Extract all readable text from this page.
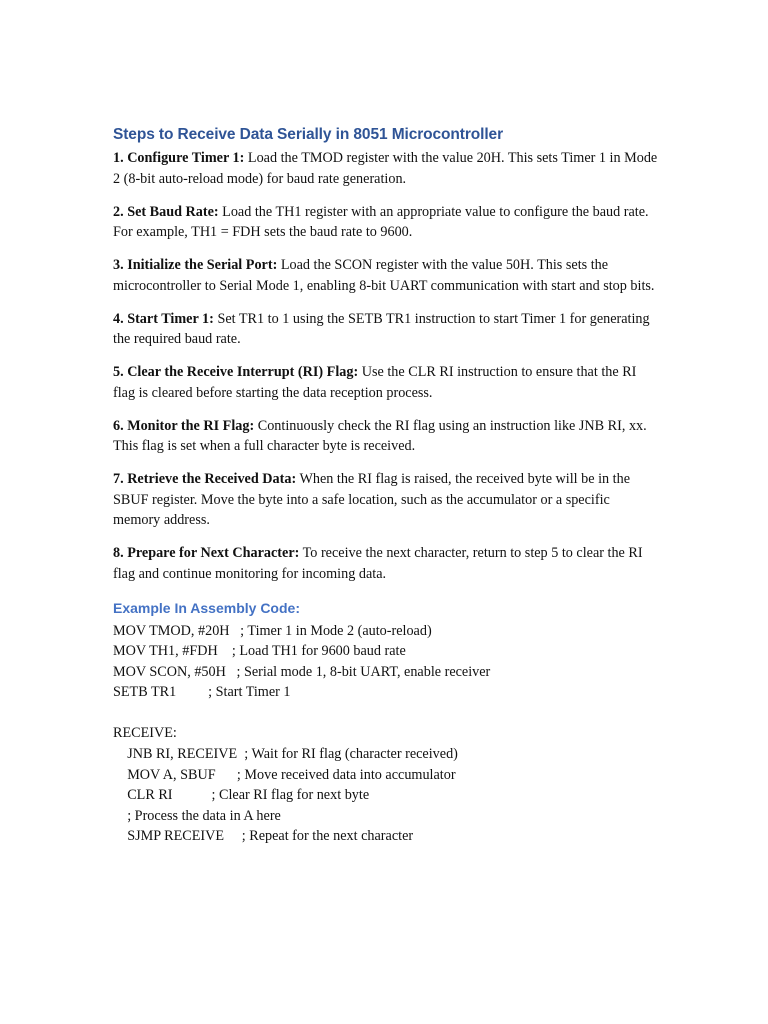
Steps to Receive Data Serially in 8051 Microcontroller

1. Configure Timer 1: Load the TMOD register with the value 20H. This sets Timer 1 in Mode 2 (8-bit auto-reload mode) for baud rate generation.

2. Set Baud Rate: Load the TH1 register with an appropriate value to configure the baud rate. For example, TH1 = FDH sets the baud rate to 9600.

3. Initialize the Serial Port: Load the SCON register with the value 50H. This sets the microcontroller to Serial Mode 1, enabling 8-bit UART communication with start and stop bits.

4. Start Timer 1: Set TR1 to 1 using the SETB TR1 instruction to start Timer 1 for generating the required baud rate.

5. Clear the Receive Interrupt (RI) Flag: Use the CLR RI instruction to ensure that the RI flag is cleared before starting the data reception process.

6. Monitor the RI Flag: Continuously check the RI flag using an instruction like JNB RI, xx. This flag is set when a full character byte is received.

7. Retrieve the Received Data: When the RI flag is raised, the received byte will be in the SBUF register. Move the byte into a safe location, such as the accumulator or a specific memory address.

8. Prepare for Next Character: To receive the next character, return to step 5 to clear the RI flag and continue monitoring for incoming data.

Example In Assembly Code:
MOV TMOD, #20H   ; Timer 1 in Mode 2 (auto-reload)
MOV TH1, #FDH    ; Load TH1 for 9600 baud rate
MOV SCON, #50H   ; Serial mode 1, 8-bit UART, enable receiver
SETB TR1         ; Start Timer 1
RECEIVE:
JNB RI, RECEIVE  ; Wait for RI flag (character received)
MOV A, SBUF      ; Move received data into accumulator
CLR RI           ; Clear RI flag for next byte
; Process the data in A here
SJMP RECEIVE     ; Repeat for the next character
